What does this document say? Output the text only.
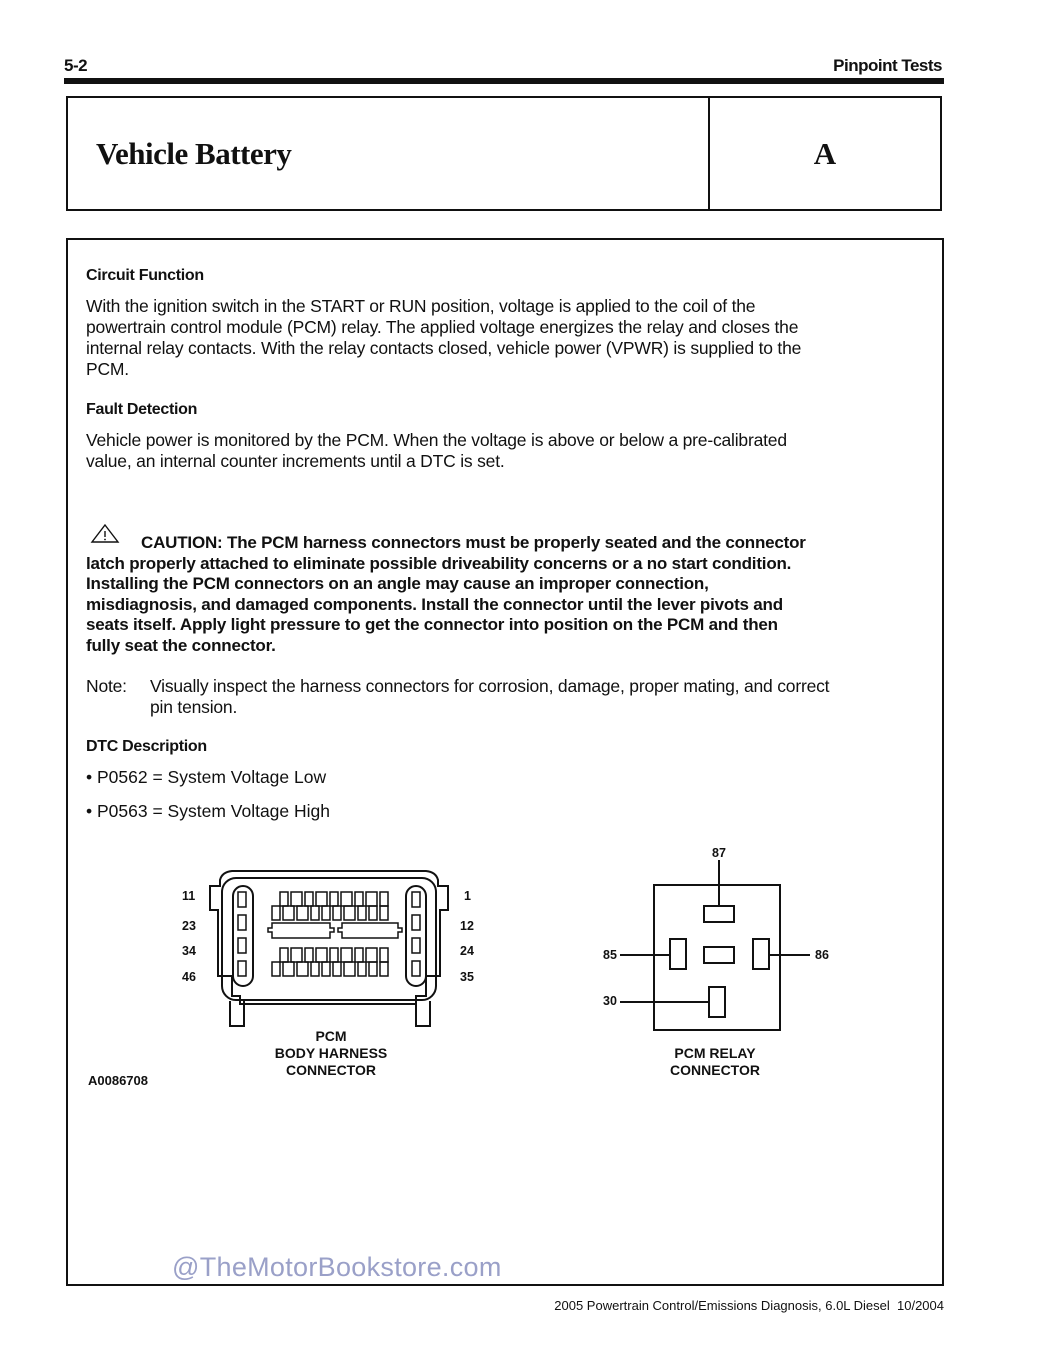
5-2	Pinpoint Tests
Vehicle Battery	A
Circuit Function
With the ignition switch in the START or RUN position, voltage is applied to the coil of the
powertrain control module (PCM) relay. The applied voltage energizes the relay and closes the
internal relay contacts. With the relay contacts closed, vehicle power (VPWR) is supplied to the
PCM.
Fault Detection
Vehicle power is monitored by the PCM. When the voltage is above or below a pre-calibrated
value, an internal counter increments until a DTC is set.
CAUTION: The PCM harness connectors must be properly seated and the connector
latch properly attached to eliminate possible driveability concerns or a no start condition.
Installing the PCM connectors on an angle may cause an improper connection,
misdiagnosis, and damaged components. Install the connector until the lever pivots and
seats itself. Apply light pressure to get the connector into position on the PCM and then
fully seat the connector.
Note:	Visually inspect the harness connectors for corrosion, damage, proper mating, and correct
pin tension.
DTC Description
• P0562 = System Voltage Low
• P0563 = System Voltage High
11
23
34
46
1
12
24
35
PCM
BODY HARNESS
CONNECTOR
87
85	86
30
PCM RELAY
CONNECTOR
A0086708
@TheMotorBookstore.com
2005 Powertrain Control/Emissions Diagnosis, 6.0L Diesel  10/2004
